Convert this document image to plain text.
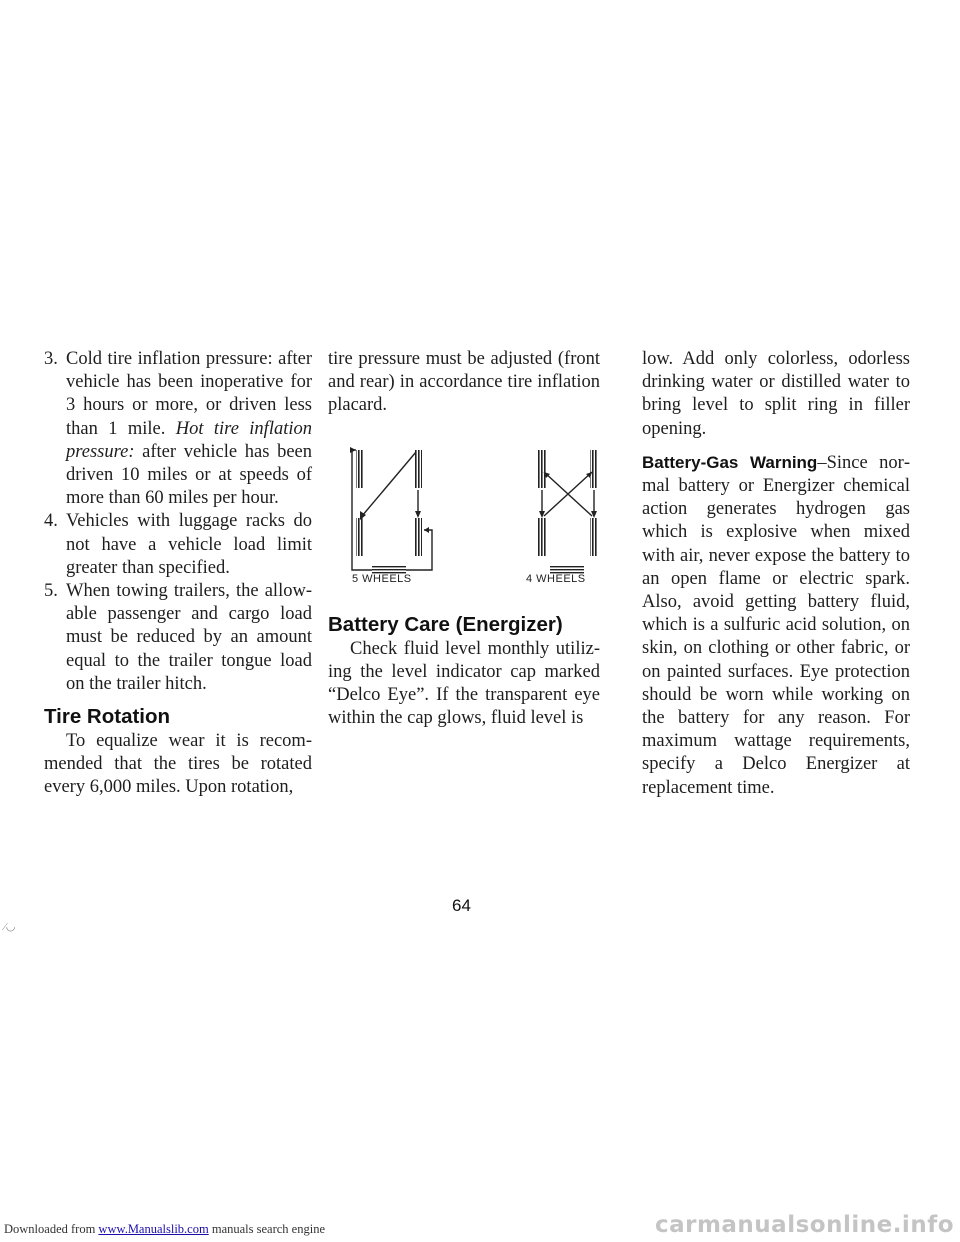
3. Cold tire inflation pressure: after vehicle has been inoperative for 3 hours or more, or driven less than 1 mile. Hot tire inflation pressure: after vehicle has been driven 10 miles or at speeds of more than 60 miles per hour.
4. Vehicles with luggage racks do not have a vehicle load limit greater than specified.
5. When towing trailers, the allowable passenger and cargo load must be reduced by an amount equal to the trailer tongue load on the trailer hitch.
Tire Rotation

To equalize wear it is recommended that the tires be rotated every 6,000 miles. Upon rotation,

tire pressure must be adjusted (front and rear) in accordance tire inflation placard.

5 WHEELS	4 WHEELS
Battery Care (Energizer)

Check fluid level monthly utilizing the level indicator cap marked “Delco Eye”. If the transparent eye within the cap glows, fluid level is

low. Add only colorless, odorless drinking water or distilled water to bring level to split ring in filler opening.

Battery-Gas Warning–Since normal battery or Energizer chemical action generates hydrogen gas which is explosive when mixed with air, never expose the battery to an open flame or electric spark. Also, avoid getting battery fluid, which is a sulfuric acid solution, on skin, on clothing or other fabric, or on painted surfaces. Eye protection should be worn while working on the battery for any reason. For maximum wattage requirements, specify a Delco Energizer at replacement time.

64
⁄◡
Downloaded from www.Manualslib.com manuals search engine	carmanualsonline.info
